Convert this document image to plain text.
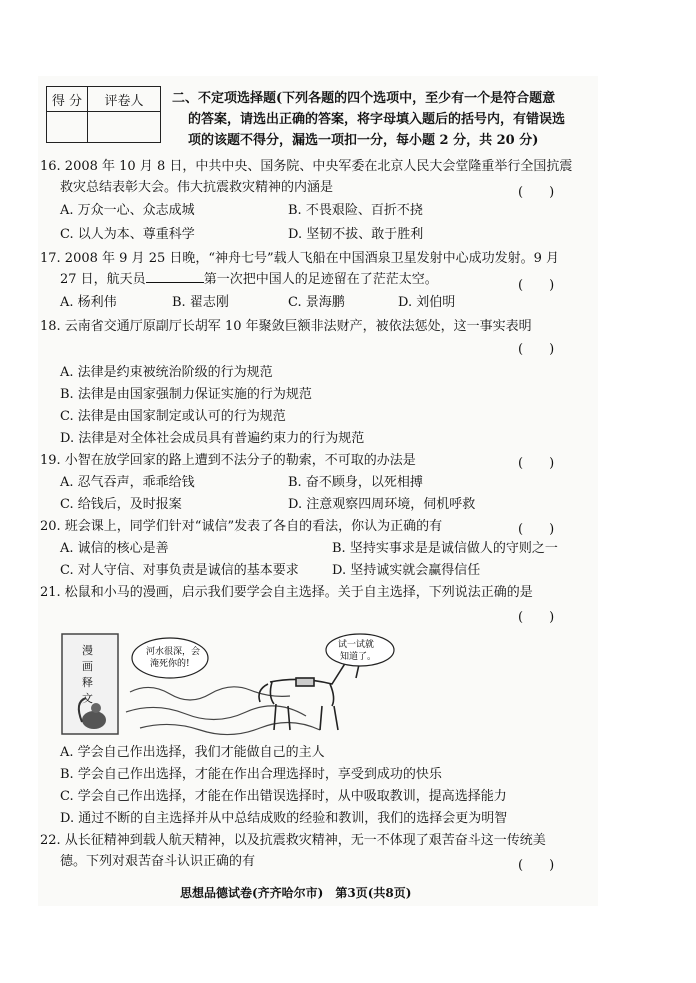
得 分	评卷人
	二、不定项选择题(下列各题的四个选项中，至少有一个是符合题意
的答案，请选出正确的答案，将字母填入题后的括号内，有错误选
项的该题不得分，漏选一项扣一分，每小题 2 分，共 20 分)
16. 2008 年 10 月 8 日，中共中央、国务院、中央军委在北京人民大会堂隆重举行全国抗震
救灾总结表彰大会。伟大抗震救灾精神的内涵是	(　　)
A. 万众一心、众志成城	B. 不畏艰险、百折不挠
C. 以人为本、尊重科学	D. 坚韧不拔、敢于胜利
17. 2008 年 9 月 25 日晚，“神舟七号”载人飞船在中国酒泉卫星发射中心成功发射。9 月
27 日，航天员	第一次把中国人的足迹留在了茫茫太空。	(　　)
A. 杨利伟	B. 翟志刚	C. 景海鹏	D. 刘伯明
18. 云南省交通厅原副厅长胡军 10 年聚敛巨额非法财产，被依法惩处，这一事实表明
(　　)
A. 法律是约束被统治阶级的行为规范
B. 法律是由国家强制力保证实施的行为规范
C. 法律是由国家制定或认可的行为规范
D. 法律是对全体社会成员具有普遍约束力的行为规范
19. 小智在放学回家的路上遭到不法分子的勒索，不可取的办法是	(　　)
A. 忍气吞声，乖乖给钱	B. 奋不顾身，以死相搏
C. 给钱后，及时报案	D. 注意观察四周环境，伺机呼救
20. 班会课上，同学们针对“诚信”发表了各自的看法，你认为正确的有	(　　)
A. 诚信的核心是善	B. 坚持实事求是是诚信做人的守则之一
C. 对人守信、对事负责是诚信的基本要求	D. 坚持诚实就会赢得信任
21. 松鼠和小马的漫画，启示我们要学会自主选择。关于自主选择，下列说法正确的是
(　　)
漫
画
释
文
河水很深，会
淹死你的!
试一试就
知道了。
A. 学会自己作出选择，我们才能做自己的主人
B. 学会自己作出选择，才能在作出合理选择时，享受到成功的快乐
C. 学会自己作出选择，才能在作出错误选择时，从中吸取教训，提高选择能力
D. 通过不断的自主选择并从中总结成败的经验和教训，我们的选择会更为明智
22. 从长征精神到载人航天精神，以及抗震救灾精神，无一不体现了艰苦奋斗这一传统美
德。下列对艰苦奋斗认识正确的有	(　　)
思想品德试卷(齐齐哈尔市)　第3页(共8页)
